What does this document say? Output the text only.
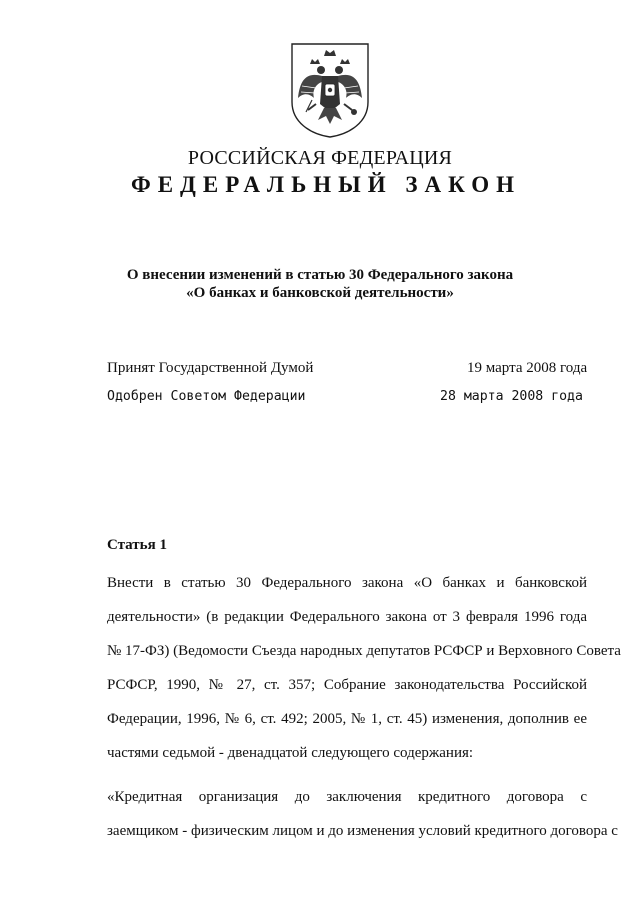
РОССИЙСКАЯ ФЕДЕРАЦИЯ
ФЕДЕРАЛЬНЫЙ ЗАКОН
О внесении изменений в статью 30 Федерального закона
«О банках и банковской деятельности»
Принят Государственной Думой	19 марта 2008 года
Одобрен Советом Федерации	28 марта 2008 года
Статья 1
Внести в статью 30 Федерального закона «О банках и банковской
деятельности» (в редакции Федерального закона от 3 февраля 1996 года
№ 17-ФЗ) (Ведомости Съезда народных депутатов РСФСР и Верховного Совета
РСФСР, 1990, № 27, ст. 357; Собрание законодательства Российской
Федерации, 1996, № 6, ст. 492; 2005, № 1, ст. 45) изменения, дополнив ее
частями седьмой - двенадцатой следующего содержания:
«Кредитная организация до заключения кредитного договора с
заемщиком - физическим лицом и до изменения условий кредитного договора с
